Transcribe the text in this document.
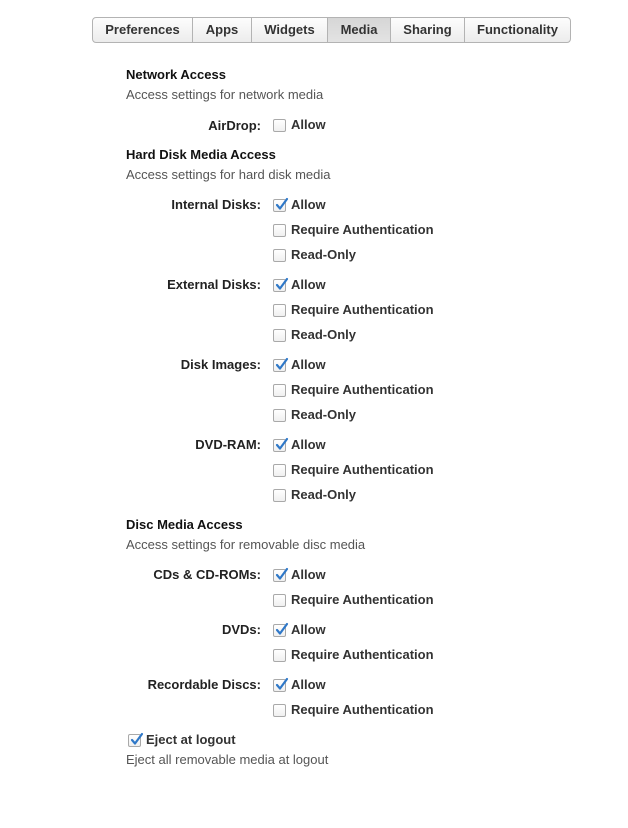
Preferences	Apps	Widgets	Media	Sharing	Functionality
Network Access
Access settings for network media
AirDrop: Allow
Hard Disk Media Access
Access settings for hard disk media
Internal Disks: Allow
Require Authentication
Read-Only
External Disks: Allow
Require Authentication
Read-Only
Disk Images: Allow
Require Authentication
Read-Only
DVD-RAM: Allow
Require Authentication
Read-Only
Disc Media Access
Access settings for removable disc media
CDs & CD-ROMs: Allow
Require Authentication
DVDs: Allow
Require Authentication
Recordable Discs: Allow
Require Authentication
Eject at logout
Eject all removable media at logout
